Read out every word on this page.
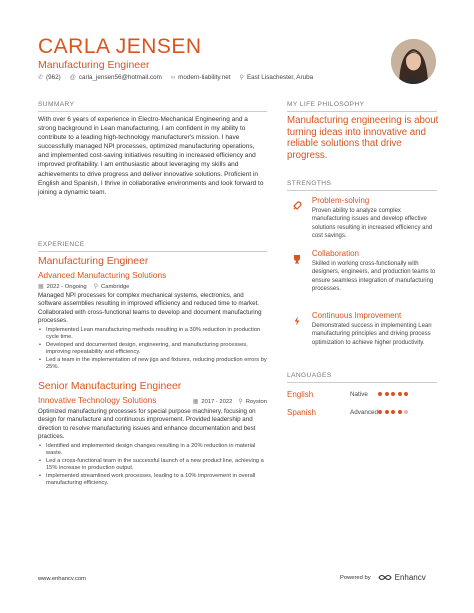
CARLA JENSEN
Manufacturing Engineer
✆ (962) @ carla_jensen56@hotmail.com ∞ modern-liability.net ⚲ East Lisachester, Aruba
SUMMARY
With over 6 years of experience in Electro-Mechanical Engineering and a strong background in Lean manufacturing, I am confident in my ability to contribute to a leading high-technology manufacturer's mission. I have successfully managed NPI processes, optimized manufacturing operations, and implemented cost-saving initiatives resulting in increased efficiency and improved profitability. I am enthusiastic about leveraging my skills and achievements to drive progress and deliver innovative solutions. Proficient in English and Spanish, I thrive in collaborative environments and look forward to joining a dynamic team.
EXPERIENCE
Manufacturing Engineer
Advanced Manufacturing Solutions
▦ 2022 - Ongoing ⚲ Cambridge
Managed NPI processes for complex mechanical systems, electronics, and software assemblies resulting in improved efficiency and reduced time to market. Collaborated with cross-functional teams to develop and document manufacturing processes.
• Implemented Lean manufacturing methods resulting in a 30% reduction in production cycle time.
• Developed and documented design, engineering, and manufacturing processes, improving repeatability and efficiency.
• Led a team in the implementation of new jigs and fixtures, reducing production errors by 25%.
Senior Manufacturing Engineer
Innovative Technology Solutions	▦ 2017 - 2022 ⚲ Royston
Optimized manufacturing processes for special purpose machinery, focusing on design for manufacture and continuous improvement. Provided leadership and direction to resolve manufacturing issues and enhance documentation and best practices.
• Identified and implemented design changes resulting in a 20% reduction in material waste.
• Led a cross-functional team in the successful launch of a new product line, achieving a 15% increase in production output.
• Implemented streamlined work processes, leading to a 10% improvement in overall manufacturing efficiency.
MY LIFE PHILOSOPHY
Manufacturing engineering is about turning ideas into innovative and reliable solutions that drive progress.
STRENGTHS
Problem-solving
Proven ability to analyze complex manufacturing issues and develop effective solutions resulting in increased efficiency and cost savings.
Collaboration
Skilled in working cross-functionally with designers, engineers, and production teams to ensure seamless integration of manufacturing processes.
Continuous Improvement
Demonstrated success in implementing Lean manufacturing principles and driving process optimization to achieve higher productivity.
LANGUAGES
English	Native
Spanish	Advanced
www.enhancv.com	Powered by	Enhancv
